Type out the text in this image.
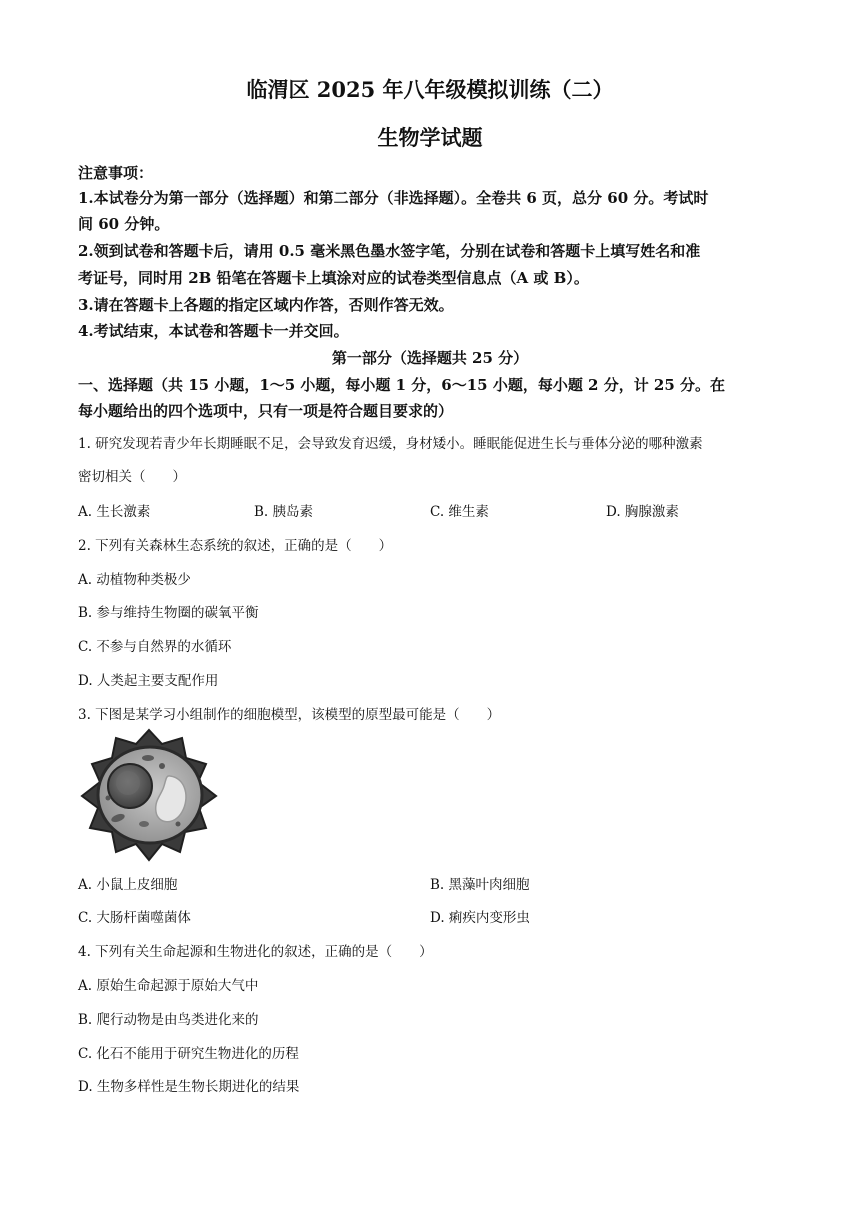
临渭区 2025 年八年级模拟训练（二）
生物学试题
注意事项：
1.本试卷分为第一部分（选择题）和第二部分（非选择题）。全卷共 6 页，总分 60 分。考试时
间 60 分钟。
2.领到试卷和答题卡后，请用 0.5 毫米黑色墨水签字笔，分别在试卷和答题卡上填写姓名和准
考证号，同时用 2B 铅笔在答题卡上填涂对应的试卷类型信息点（A 或 B）。
3.请在答题卡上各题的指定区域内作答，否则作答无效。
4.考试结束，本试卷和答题卡一并交回。
第一部分（选择题共 25 分）
一、选择题（共 15 小题，1～5 小题，每小题 1 分，6～15 小题，每小题 2 分，计 25 分。在
每小题给出的四个选项中，只有一项是符合题目要求的）
1. 研究发现若青少年长期睡眠不足，会导致发育迟缓，身材矮小。睡眠能促进生长与垂体分泌的哪种激素
密切相关（　　）
A. 生长激素	B. 胰岛素	C. 维生素	D. 胸腺激素
2. 下列有关森林生态系统的叙述，正确的是（　　）
A. 动植物种类极少
B. 参与维持生物圈的碳氧平衡
C. 不参与自然界的水循环
D. 人类起主要支配作用
3. 下图是某学习小组制作的细胞模型，该模型的原型最可能是（　　）
A. 小鼠上皮细胞	B. 黑藻叶肉细胞
C. 大肠杆菌噬菌体	D. 痢疾内变形虫
4. 下列有关生命起源和生物进化的叙述，正确的是（　　）
A. 原始生命起源于原始大气中
B. 爬行动物是由鸟类进化来的
C. 化石不能用于研究生物进化的历程
D. 生物多样性是生物长期进化的结果
